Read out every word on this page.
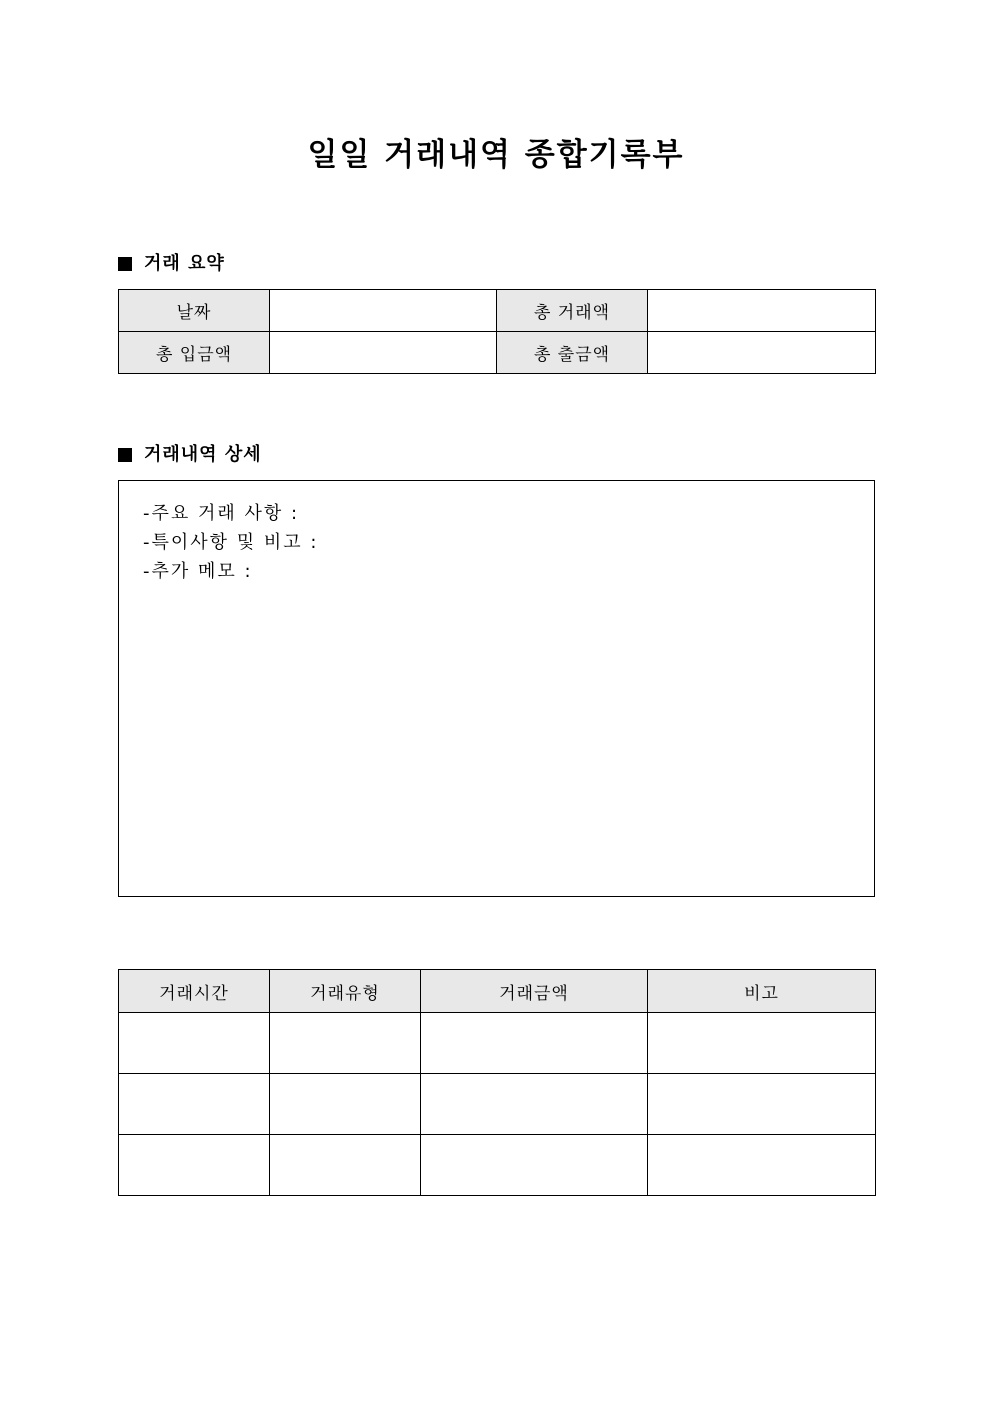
일일 거래내역 종합기록부
거래 요약
날짜		총 거래액	
총 입금액		총 출금액	
거래내역 상세
-주요 거래 사항 :
-특이사항 및 비고 :
-추가 메모 :
거래시간	거래유형	거래금액	비고
